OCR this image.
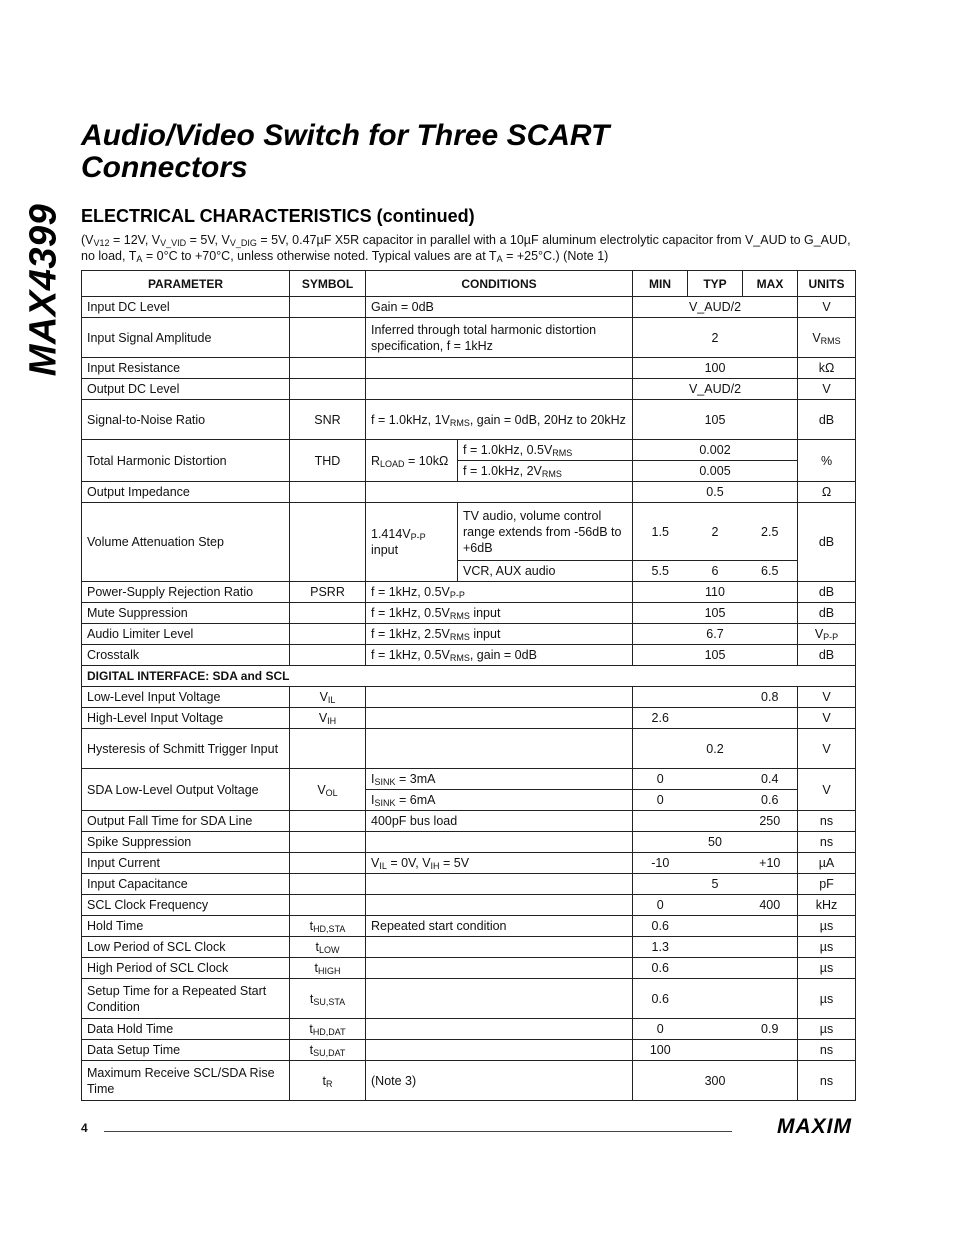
MAX4399
Audio/Video Switch for Three SCART Connectors
ELECTRICAL CHARACTERISTICS (continued)
($V_{V12} = 12V$, $V_{V\_VID} = 5V$, $V_{V\_DIG} = 5V$, 0.47µF X5R capacitor in parallel with a 10µF aluminum electrolytic capacitor from V_AUD to G_AUD, no load, $T_A = 0^\circ C$ to +70°C, unless otherwise noted. Typical values are at $T_A = +25^\circ C$.) (Note 1)
PARAMETER	SYMBOL	CONDITIONS		MIN	TYP	MAX	UNITS
Input DC Level		Gain = 0dB		V_AUD/2			V
Input Signal Amplitude		Inferred through total harmonic distortion specification, f = 1kHz		2			$V_{RMS}$
Input Resistance				100			kΩ
Output DC Level				V_AUD/2			V
Signal-to-Noise Ratio	SNR	f = 1.0kHz, $1V_{RMS}$, gain = 0dB, 20Hz to 20kHz		105			dB
Total Harmonic Distortion	THD	$R_{LOAD} = 10k\Omega$	f = 1.0kHz, $0.5V_{RMS}$	0.002			%
			f = 1.0kHz, $2V_{RMS}$	0.005			
Output Impedance				0.5			Ω
Volume Attenuation Step		$1.414V_{P-P}$ input	TV audio, volume control range extends from -56dB to +6dB	1.5	2	2.5	dB
			VCR, AUX audio	5.5	6	6.5	
Power-Supply Rejection Ratio	PSRR	f = 1kHz, $0.5V_{P-P}$		110			dB
Mute Suppression		f = 1kHz, $0.5V_{RMS}$ input		105			dB
Audio Limiter Level		f = 1kHz, $2.5V_{RMS}$ input		6.7			$V_{P-P}$
Crosstalk		f = 1kHz, $0.5V_{RMS}$, gain = 0dB		105			dB
DIGITAL INTERFACE: SDA and SCL							
Low-Level Input Voltage	$V_{IL}$					0.8	V
High-Level Input Voltage	$V_{IH}$			2.6			V
Hysteresis of Schmitt Trigger Input					0.2		V
SDA Low-Level Output Voltage	$V_{OL}$	$I_{SINK} = 3mA$		0		0.4	V
		$I_{SINK} = 6mA$		0		0.6	
Output Fall Time for SDA Line		400pF bus load				250	ns
Spike Suppression					50		ns
Input Current		$V_{IL} = 0V$, $V_{IH} = 5V$		-10		+10	µA
Input Capacitance					5		pF
SCL Clock Frequency				0		400	kHz
Hold Time	$t_{HD,STA}$	Repeated start condition		0.6			µs
Low Period of SCL Clock	$t_{LOW}$			1.3			µs
High Period of SCL Clock	$t_{HIGH}$			0.6			µs
Setup Time for a Repeated Start Condition	$t_{SU,STA}$			0.6			µs
Data Hold Time	$t_{HD,DAT}$			0		0.9	µs
Data Setup Time	$t_{SU,DAT}$			100			ns
Maximum Receive SCL/SDA Rise Time	$t_R$	(Note 3)			300		ns
4	MAXIM
